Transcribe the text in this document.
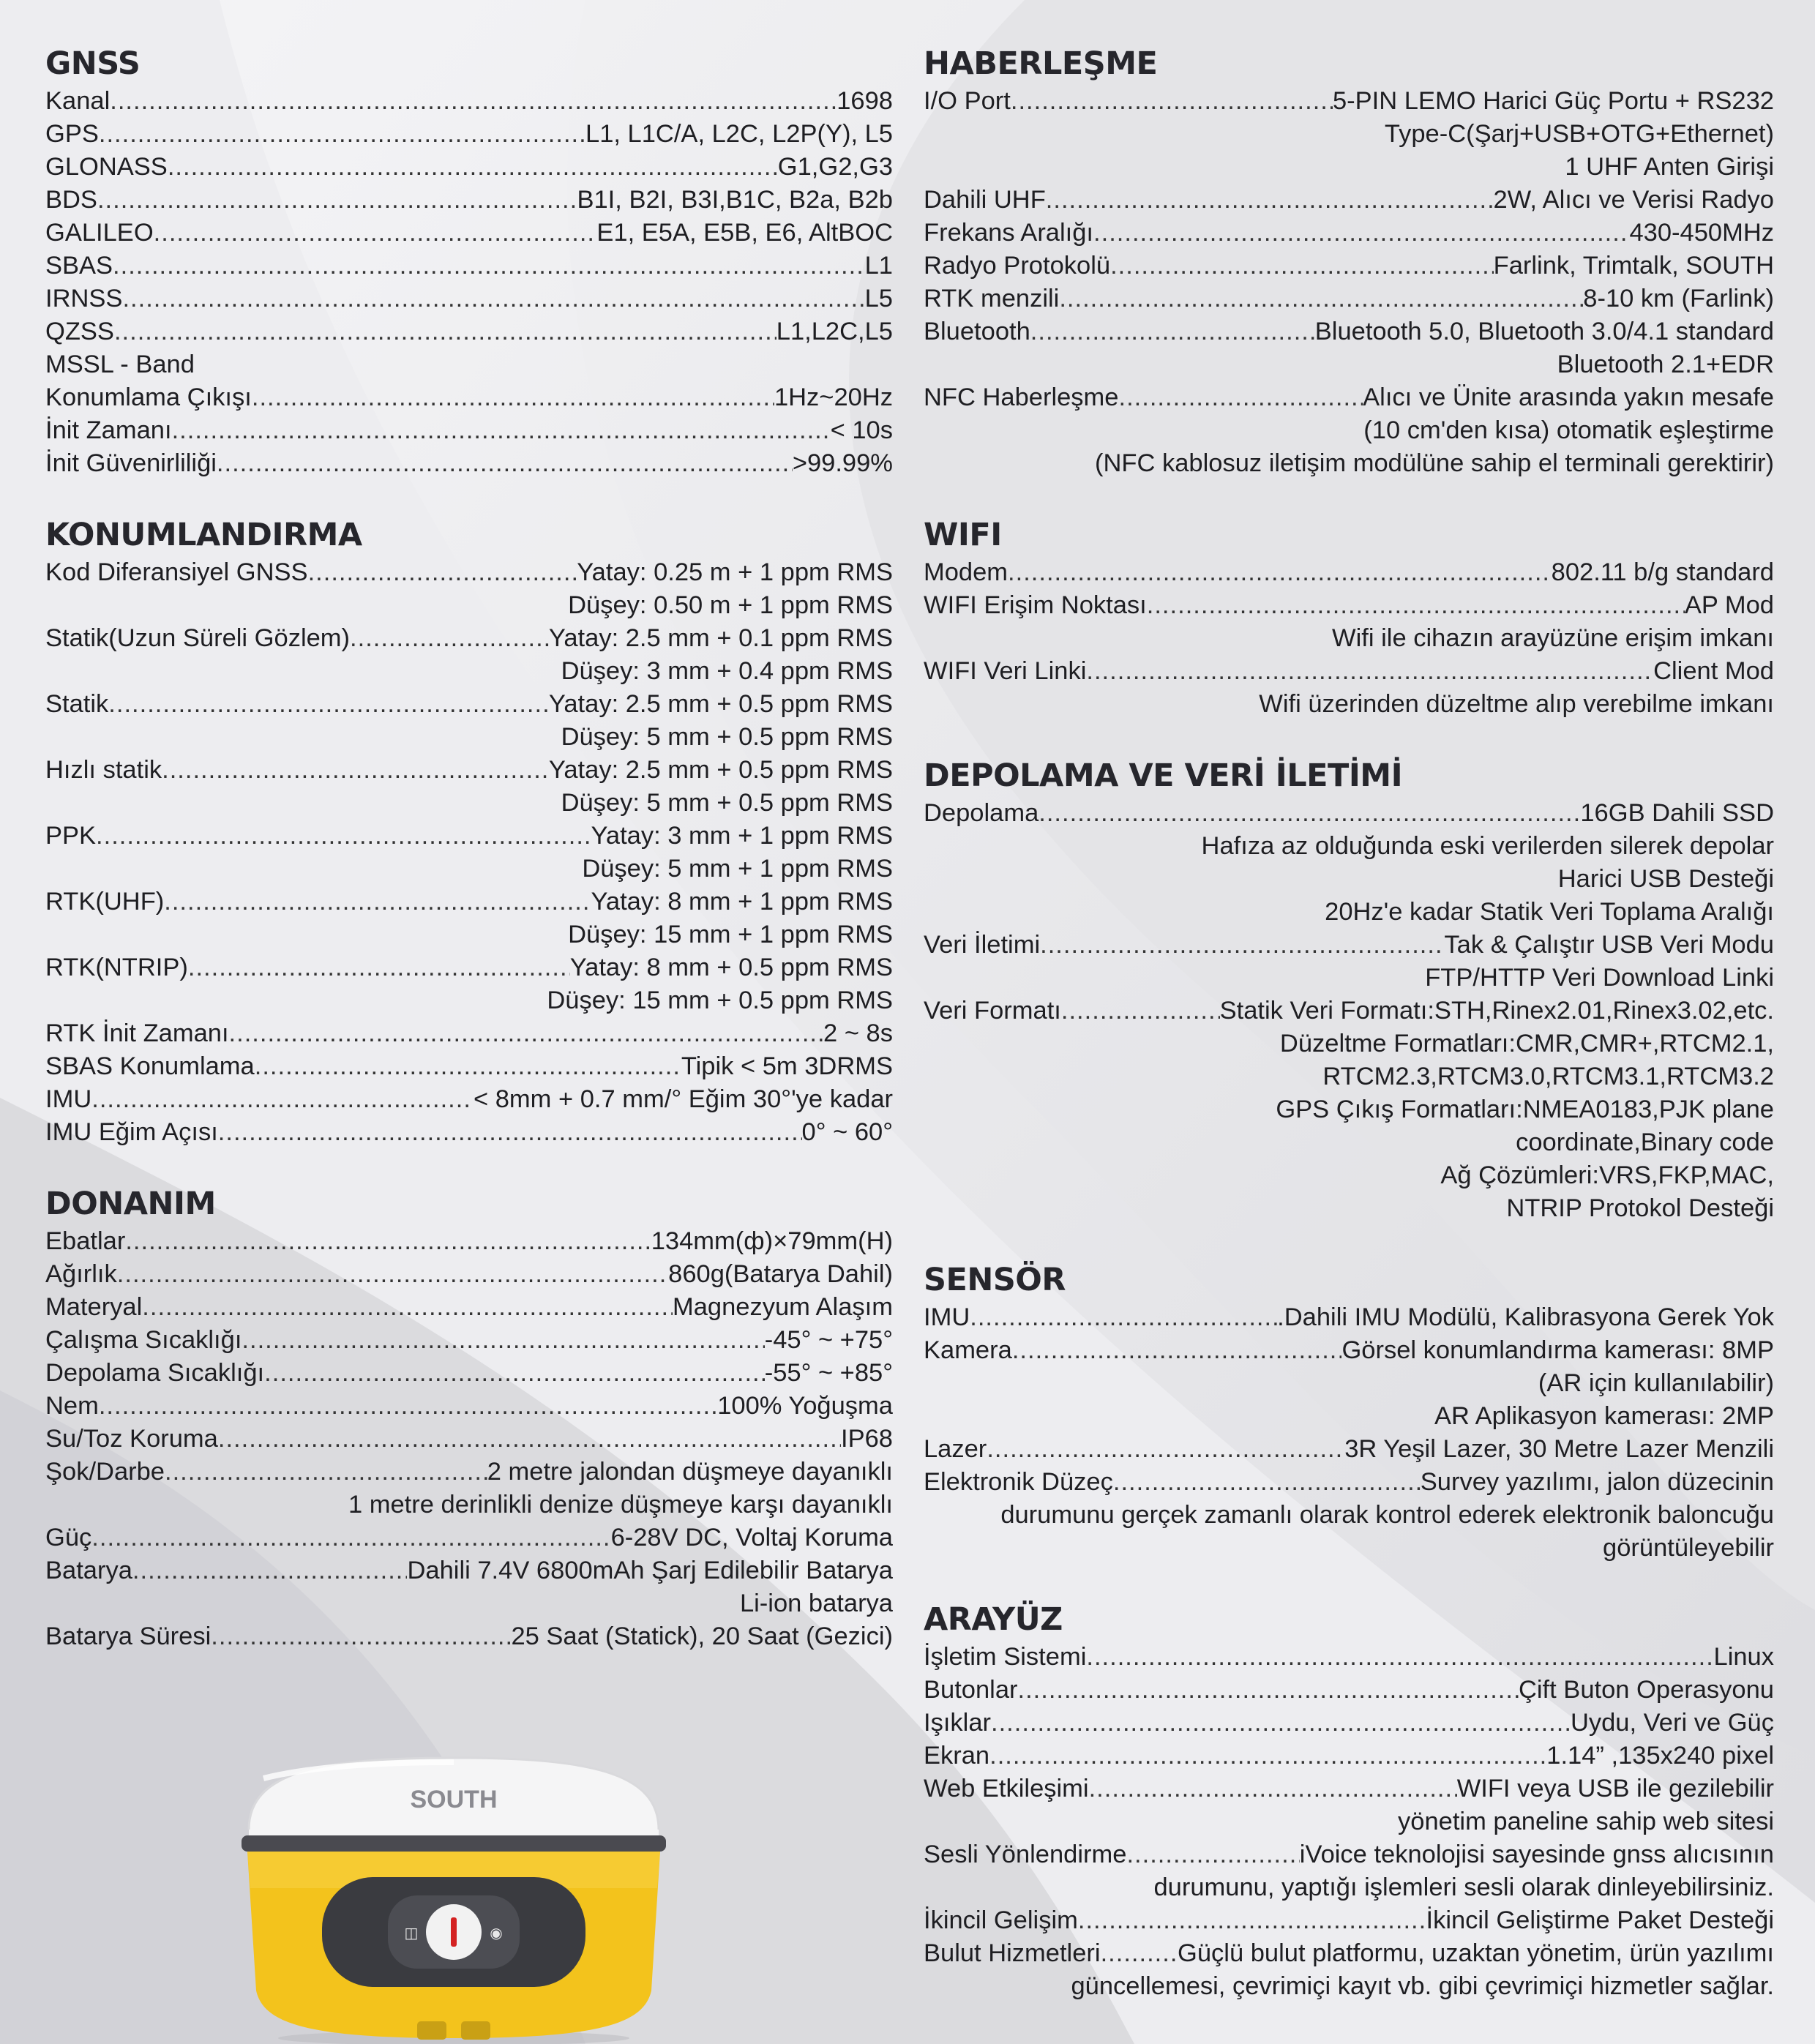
GNSS
Kanal .....	1698
GPS .....	L1, L1C/A, L2C, L2P(Y), L5
GLONASS .....	G1,G2,G3
BDS .....	B1I, B2I, B3I,B1C, B2a, B2b
GALILEO .....	E1, E5A, E5B, E6, AltBOC
SBAS .....	L1
IRNSS .....	L5
QZSS .....	L1,L2C,L5
MSSL - Band
Konumlama Çıkışı .....	1Hz~20Hz
İnit Zamanı .....	< 10s
İnit Güvenirliliği .....	>99.99%
KONUMLANDIRMA
Kod Diferansiyel GNSS .....	Yatay: 0.25 m + 1 ppm RMS
Düşey: 0.50 m + 1 ppm RMS
Statik(Uzun Süreli Gözlem) .....	Yatay: 2.5 mm + 0.1 ppm RMS
Düşey: 3 mm + 0.4 ppm RMS
Statik .....	Yatay: 2.5 mm + 0.5 ppm RMS
Düşey: 5 mm + 0.5 ppm RMS
Hızlı statik .....	Yatay: 2.5 mm + 0.5 ppm RMS
Düşey: 5 mm + 0.5 ppm RMS
PPK .....	Yatay: 3 mm + 1 ppm RMS
Düşey: 5 mm + 1 ppm RMS
RTK(UHF) .....	Yatay: 8 mm + 1 ppm RMS
Düşey: 15 mm + 1 ppm RMS
RTK(NTRIP) .....	Yatay: 8 mm + 0.5 ppm RMS
Düşey: 15 mm + 0.5 ppm RMS
RTK İnit Zamanı .....	2 ~ 8s
SBAS Konumlama .....	Tipik < 5m 3DRMS
IMU .....	< 8mm + 0.7 mm/° Eğim 30°'ye kadar
IMU Eğim Açısı .....	0° ~ 60°
DONANIM
Ebatlar .....	134mm(ф)×79mm(H)
Ağırlık .....	860g(Batarya Dahil)
Materyal .....	Magnezyum Alaşım
Çalışma Sıcaklığı .....	-45° ~ +75°
Depolama Sıcaklığı .....	-55° ~ +85°
Nem .....	100% Yoğuşma
Su/Toz Koruma .....	IP68
Şok/Darbe .....	2 metre jalondan düşmeye dayanıklı
1 metre derinlikli denize düşmeye karşı dayanıklı
Güç .....	6-28V DC, Voltaj Koruma
Batarya .....	Dahili 7.4V 6800mAh Şarj Edilebilir Batarya
Li-ion batarya
Batarya Süresi .....	25 Saat (Statick), 20 Saat (Gezici)
HABERLEŞME
I/O Port .....	5-PIN LEMO Harici Güç Portu + RS232
Type-C(Şarj+USB+OTG+Ethernet)
1 UHF Anten Girişi
Dahili UHF .....	2W, Alıcı ve Verisi Radyo
Frekans Aralığı .....	430-450MHz
Radyo Protokolü .....	Farlink, Trimtalk, SOUTH
RTK menzili .....	8-10 km (Farlink)
Bluetooth .....	Bluetooth 5.0, Bluetooth 3.0/4.1 standard
Bluetooth 2.1+EDR
NFC Haberleşme .....	Alıcı ve Ünite arasında yakın mesafe
(10 cm'den kısa) otomatik eşleştirme
(NFC kablosuz iletişim modülüne sahip el terminali gerektirir)
WIFI
Modem .....	802.11 b/g standard
WIFI Erişim Noktası .....	AP Mod
Wifi ile cihazın arayüzüne erişim imkanı
WIFI Veri Linki .....	Client Mod
Wifi üzerinden düzeltme alıp verebilme imkanı
DEPOLAMA VE VERİ İLETİMİ
Depolama .....	16GB Dahili SSD
Hafıza az olduğunda eski verilerden silerek depolar
Harici USB Desteği
20Hz'e kadar Statik Veri Toplama Aralığı
Veri İletimi .....	Tak & Çalıştır USB Veri Modu
FTP/HTTP Veri Download Linki
Veri Formatı .....	Statik Veri Formatı:STH,Rinex2.01,Rinex3.02,etc.
Düzeltme Formatları:CMR,CMR+,RTCM2.1,
RTCM2.3,RTCM3.0,RTCM3.1,RTCM3.2
GPS Çıkış Formatları:NMEA0183,PJK plane
coordinate,Binary code
Ağ Çözümleri:VRS,FKP,MAC,
NTRIP Protokol Desteği
SENSÖR
IMU .....	.Dahili IMU Modülü, Kalibrasyona Gerek Yok
Kamera .....	Görsel konumlandırma kamerası: 8MP
(AR için kullanılabilir)
AR Aplikasyon kamerası: 2MP
Lazer .....	3R Yeşil Lazer, 30 Metre Lazer Menzili
Elektronik Düzeç .....	Survey yazılımı, jalon düzecinin
durumunu gerçek zamanlı olarak kontrol ederek elektronik baloncuğu
görüntüleyebilir
ARAYÜZ
İşletim Sistemi .....	Linux
Butonlar .....	Çift Buton Operasyonu
Işıklar .....	Uydu, Veri ve Güç
Ekran .....	1.14” ,135x240 pixel
Web Etkileşimi .....	WIFI veya USB ile gezilebilir
yönetim paneline sahip web sitesi
Sesli Yönlendirme .....	iVoice teknolojisi sayesinde gnss alıcısının
durumunu, yaptığı işlemleri sesli olarak dinleyebilirsiniz.
İkincil Gelişim .....	İkincil Geliştirme Paket Desteği
Bulut Hizmetleri .....	Güçlü bulut platformu, uzaktan yönetim, ürün yazılımı
güncellemesi, çevrimiçi kayıt vb. gibi çevrimiçi hizmetler sağlar.
SOUTH
◫	◉
